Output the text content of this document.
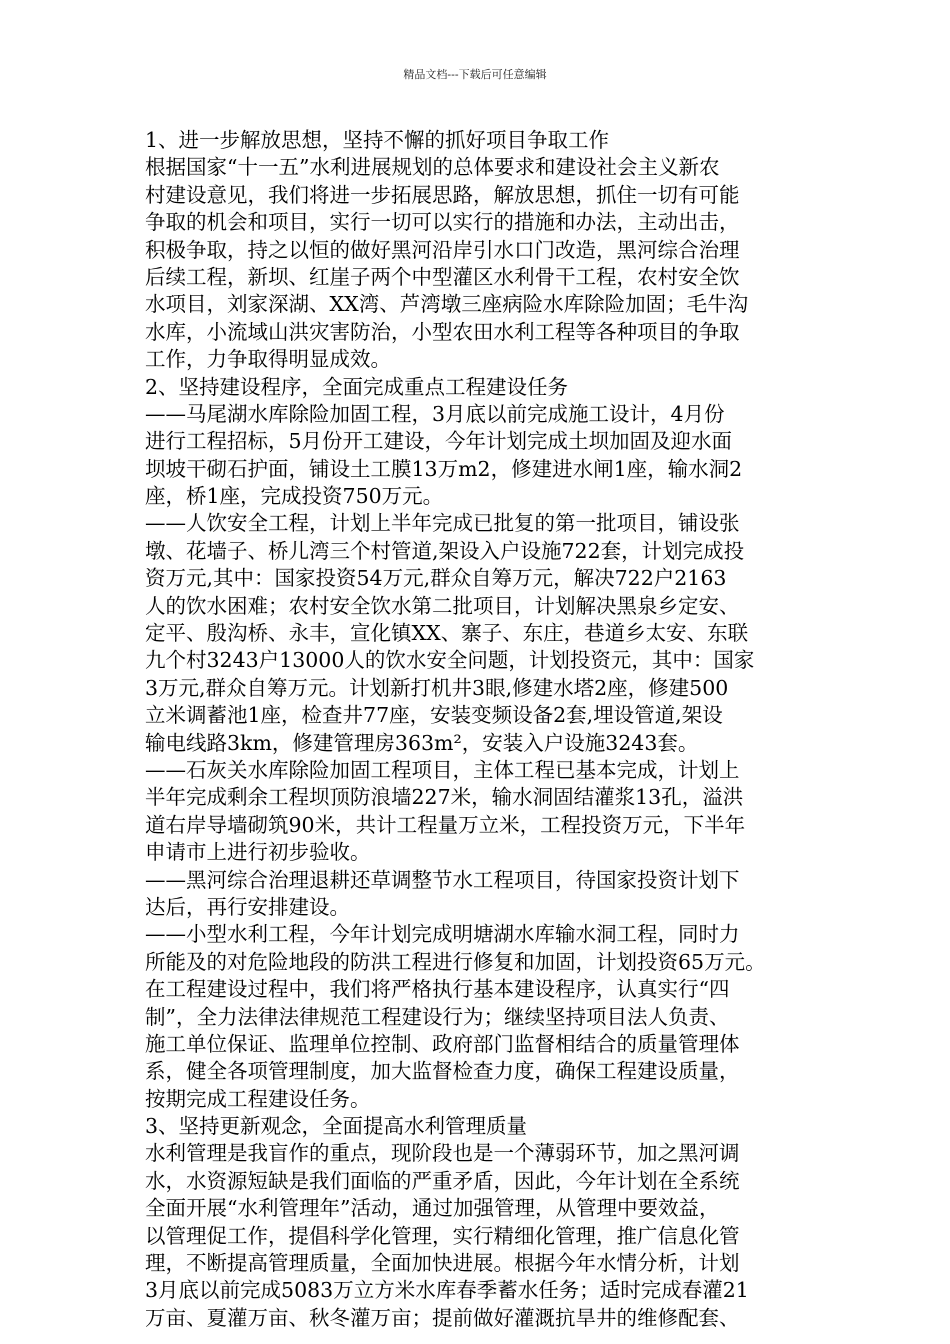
精品文档---下载后可任意编辑
1、进一步解放思想，坚持不懈的抓好项目争取工作
根据国家“十一五”水利进展规划的总体要求和建设社会主义新农
村建设意见，我们将进一步拓展思路，解放思想，抓住一切有可能
争取的机会和项目，实行一切可以实行的措施和办法，主动出击，
积极争取，持之以恒的做好黑河沿岸引水口门改造，黑河综合治理
后续工程，新坝、红崖子两个中型灌区水利骨干工程，农村安全饮
水项目，刘家深湖、XX湾、芦湾墩三座病险水库除险加固；毛牛沟
水库，小流域山洪灾害防治，小型农田水利工程等各种项目的争取
工作，力争取得明显成效。
2、坚持建设程序，全面完成重点工程建设任务
——马尾湖水库除险加固工程，3月底以前完成施工设计，4月份
进行工程招标，5月份开工建设，今年计划完成土坝加固及迎水面
坝坡干砌石护面，铺设土工膜13万m2，修建进水闸1座，输水洞2
座，桥1座，完成投资750万元。
——人饮安全工程，计划上半年完成已批复的第一批项目，铺设张
墩、花墙子、桥儿湾三个村管道,架设入户设施722套，计划完成投
资万元,其中：国家投资54万元,群众自筹万元，解决722户2163
人的饮水困难；农村安全饮水第二批项目，计划解决黑泉乡定安、
定平、殷沟桥、永丰，宣化镇XX、寨子、东庄，巷道乡太安、东联
九个村3243户13000人的饮水安全问题，计划投资元，其中：国家
3万元,群众自筹万元。计划新打机井3眼,修建水塔2座，修建500
立米调蓄池1座，检查井77座，安装变频设备2套,埋设管道,架设
输电线路3km，修建管理房363m²，安装入户设施3243套。
——石灰关水库除险加固工程项目，主体工程已基本完成，计划上
半年完成剩余工程坝顶防浪墙227米，输水洞固结灌浆13孔，溢洪
道右岸导墙砌筑90米，共计工程量万立米，工程投资万元，下半年
申请市上进行初步验收。
——黑河综合治理退耕还草调整节水工程项目，待国家投资计划下
达后，再行安排建设。
——小型水利工程，今年计划完成明塘湖水库输水洞工程，同时力
所能及的对危险地段的防洪工程进行修复和加固，计划投资65万元。
在工程建设过程中，我们将严格执行基本建设程序，认真实行“四
制”，全力法律法律规范工程建设行为；继续坚持项目法人负责、
施工单位保证、监理单位控制、政府部门监督相结合的质量管理体
系，健全各项管理制度，加大监督检查力度，确保工程建设质量，
按期完成工程建设任务。
3、坚持更新观念，全面提高水利管理质量
水利管理是我盲作的重点，现阶段也是一个薄弱环节，加之黑河调
水，水资源短缺是我们面临的严重矛盾，因此，今年计划在全系统
全面开展“水利管理年”活动，通过加强管理，从管理中要效益，
以管理促工作，提倡科学化管理，实行精细化管理，推广信息化管
理，不断提高管理质量，全面加快进展。根据今年水情分析，计划
3月底以前完成5083万立方米水库春季蓄水任务；适时完成春灌21
万亩、夏灌万亩、秋冬灌万亩；提前做好灌溉抗旱井的维修配套、
